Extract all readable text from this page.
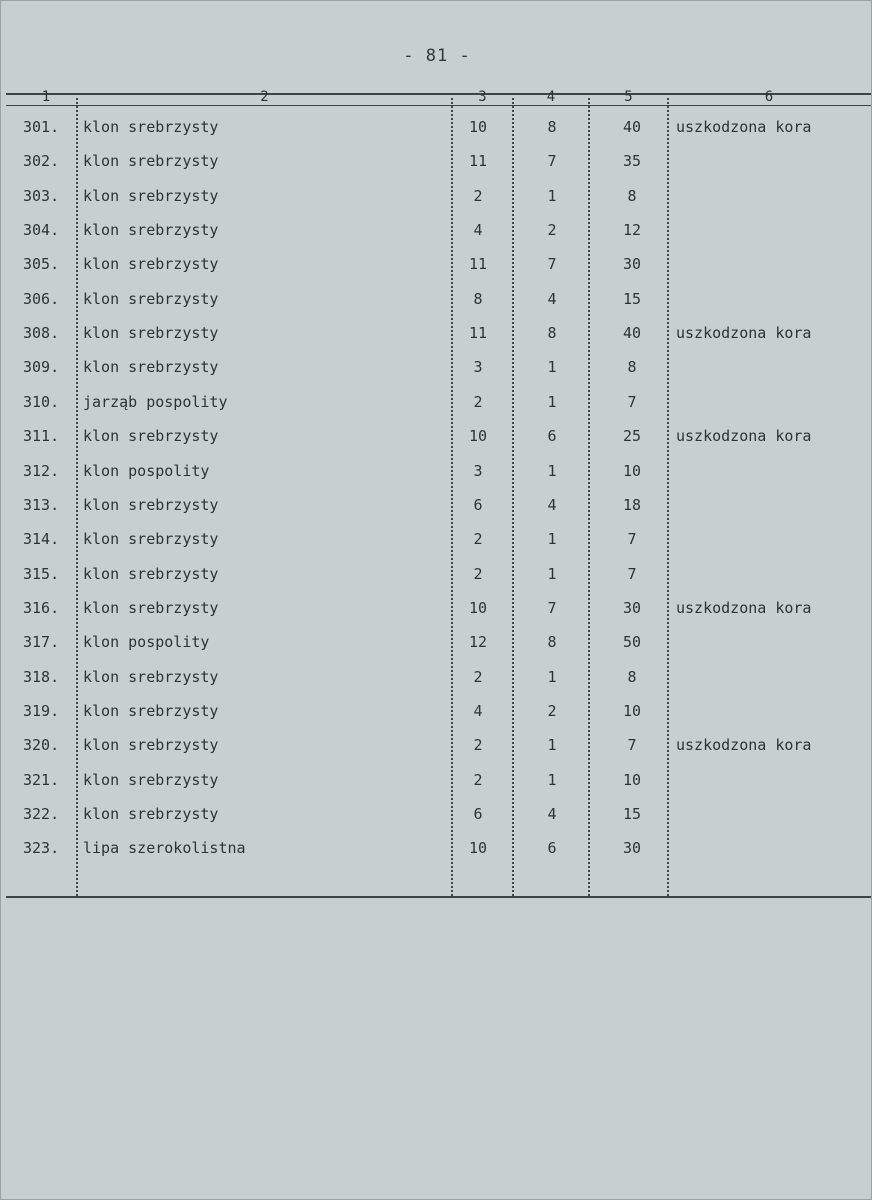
- 81 -
1	2	3	4	5	6
301.	klon srebrzysty	10	8	40	uszkodzona kora
302.	klon srebrzysty	11	7	35
303.	klon srebrzysty	2	1	8
304.	klon srebrzysty	4	2	12
305.	klon srebrzysty	11	7	30
306.	klon srebrzysty	8	4	15
308.	klon srebrzysty	11	8	40	uszkodzona kora
309.	klon srebrzysty	3	1	8
310.	jarząb pospolity	2	1	7
311.	klon srebrzysty	10	6	25	uszkodzona kora
312.	klon pospolity	3	1	10
313.	klon srebrzysty	6	4	18
314.	klon srebrzysty	2	1	7
315.	klon srebrzysty	2	1	7
316.	klon srebrzysty	10	7	30	uszkodzona kora
317.	klon pospolity	12	8	50
318.	klon srebrzysty	2	1	8
319.	klon srebrzysty	4	2	10
320.	klon srebrzysty	2	1	7	uszkodzona kora
321.	klon srebrzysty	2	1	10
322.	klon srebrzysty	6	4	15
323.	lipa szerokolistna	10	6	30
